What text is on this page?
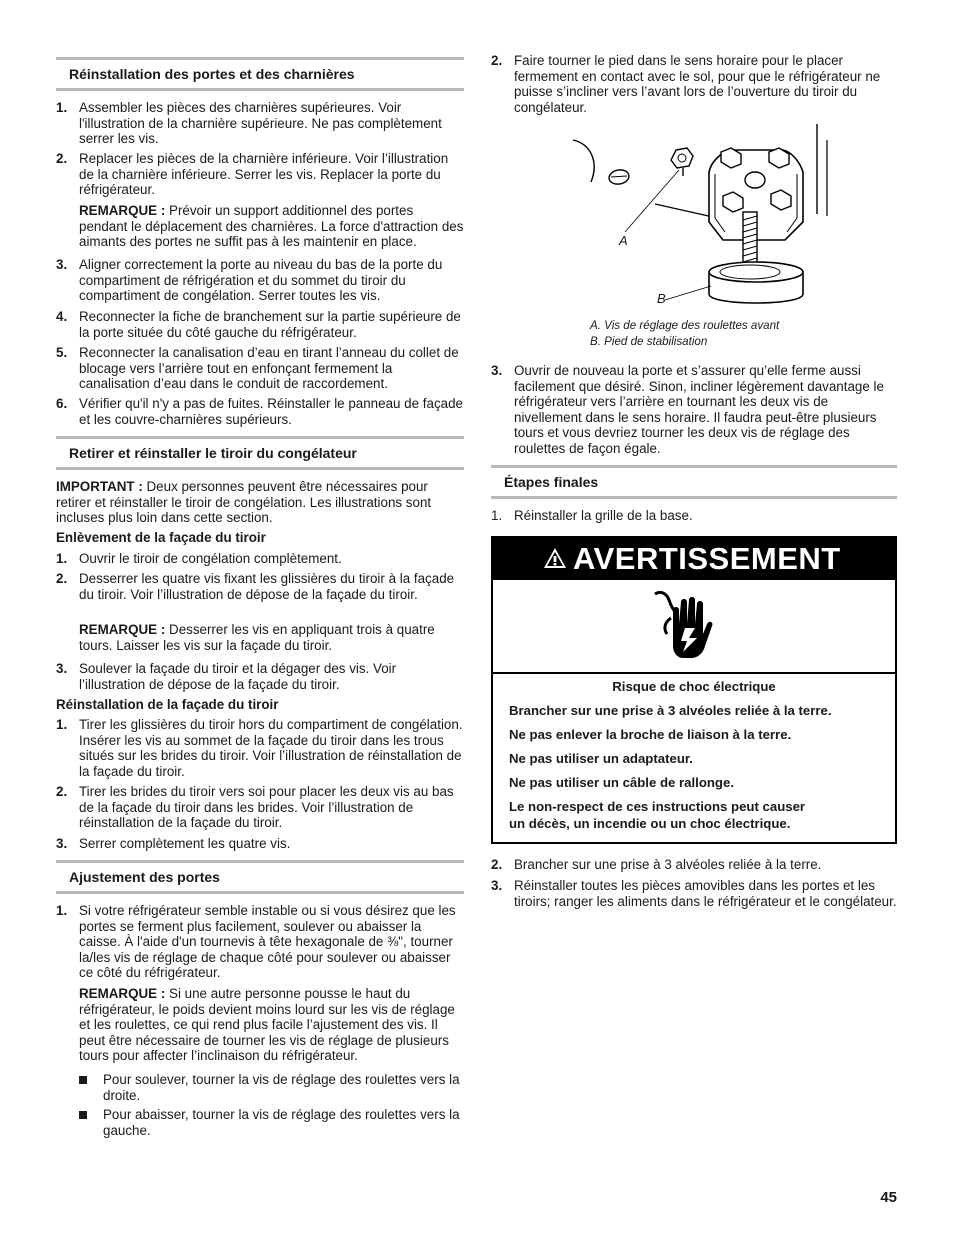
Réinstallation des portes et des charnières
1. Assembler les pièces des charnières supérieures. Voir l'illustration de la charnière supérieure. Ne pas complètement serrer les vis.
2. Replacer les pièces de la charnière inférieure. Voir l’illustration de la charnière inférieure. Serrer les vis. Replacer la porte du réfrigérateur.
REMARQUE : Prévoir un support additionnel des portes pendant le déplacement des charnières. La force d'attraction des aimants des portes ne suffit pas à les maintenir en place.
3. Aligner correctement la porte au niveau du bas de la porte du compartiment de réfrigération et du sommet du tiroir du compartiment de congélation. Serrer toutes les vis.
4. Reconnecter la fiche de branchement sur la partie supérieure de la porte située du côté gauche du réfrigérateur.
5. Reconnecter la canalisation d’eau en tirant l’anneau du collet de blocage vers l’arrière tout en enfonçant fermement la canalisation d’eau dans le conduit de raccordement.
6. Vérifier qu'il n'y a pas de fuites. Réinstaller le panneau de façade et les couvre-charnières supérieurs.
Retirer et réinstaller le tiroir du congélateur
IMPORTANT : Deux personnes peuvent être nécessaires pour retirer et réinstaller le tiroir de congélation. Les illustrations sont incluses plus loin dans cette section.
Enlèvement de la façade du tiroir
1. Ouvrir le tiroir de congélation complètement.
2. Desserrer les quatre vis fixant les glissières du tiroir à la façade du tiroir. Voir l’illustration de dépose de la façade du tiroir.
REMARQUE : Desserrer les vis en appliquant trois à quatre tours. Laisser les vis sur la façade du tiroir.
3. Soulever la façade du tiroir et la dégager des vis. Voir l’illustration de dépose de la façade du tiroir.
Réinstallation de la façade du tiroir
1. Tirer les glissières du tiroir hors du compartiment de congélation. Insérer les vis au sommet de la façade du tiroir dans les trous situés sur les brides du tiroir. Voir l’illustration de réinstallation de la façade du tiroir.
2. Tirer les brides du tiroir vers soi pour placer les deux vis au bas de la façade du tiroir dans les brides. Voir l’illustration de réinstallation de la façade du tiroir.
3. Serrer complètement les quatre vis.
Ajustement des portes
1. Si votre réfrigérateur semble instable ou si vous désirez que les portes se ferment plus facilement, soulever ou abaisser la caisse. À l'aide d'un tournevis à tête hexagonale de ⅜", tourner la/les vis de réglage de chaque côté pour soulever ou abaisser ce côté du réfrigérateur.
REMARQUE : Si une autre personne pousse le haut du réfrigérateur, le poids devient moins lourd sur les vis de réglage et les roulettes, ce qui rend plus facile l’ajustement des vis. Il peut être nécessaire de tourner les vis de réglage de plusieurs tours pour affecter l’inclinaison du réfrigérateur.
Pour soulever, tourner la vis de réglage des roulettes vers la droite.
Pour abaisser, tourner la vis de réglage des roulettes vers la gauche.
2. Faire tourner le pied dans le sens horaire pour le placer fermement en contact avec le sol, pour que le réfrigérateur ne puisse s’incliner vers l’avant lors de l’ouverture du tiroir du congélateur.
A
B
A. Vis de réglage des roulettes avant
B. Pied de stabilisation
3. Ouvrir de nouveau la porte et s’assurer qu’elle ferme aussi facilement que désiré. Sinon, incliner légèrement davantage le réfrigérateur vers l’arrière en tournant les deux vis de nivellement dans le sens horaire. Il faudra peut-être plusieurs tours et vous devriez tourner les deux vis de réglage des roulettes de façon égale.
Étapes finales
1. Réinstaller la grille de la base.
2. Brancher sur une prise à 3 alvéoles reliée à la terre.
3. Réinstaller toutes les pièces amovibles dans les portes et les tiroirs; ranger les aliments dans le réfrigérateur et le congélateur.
AVERTISSEMENT
Risque de choc électrique
Brancher sur une prise à 3 alvéoles reliée à la terre.
Ne pas enlever la broche de liaison à la terre.
Ne pas utiliser un adaptateur.
Ne pas utiliser un câble de rallonge.
Le non-respect de ces instructions peut causer
un décès, un incendie ou un choc électrique.
45
